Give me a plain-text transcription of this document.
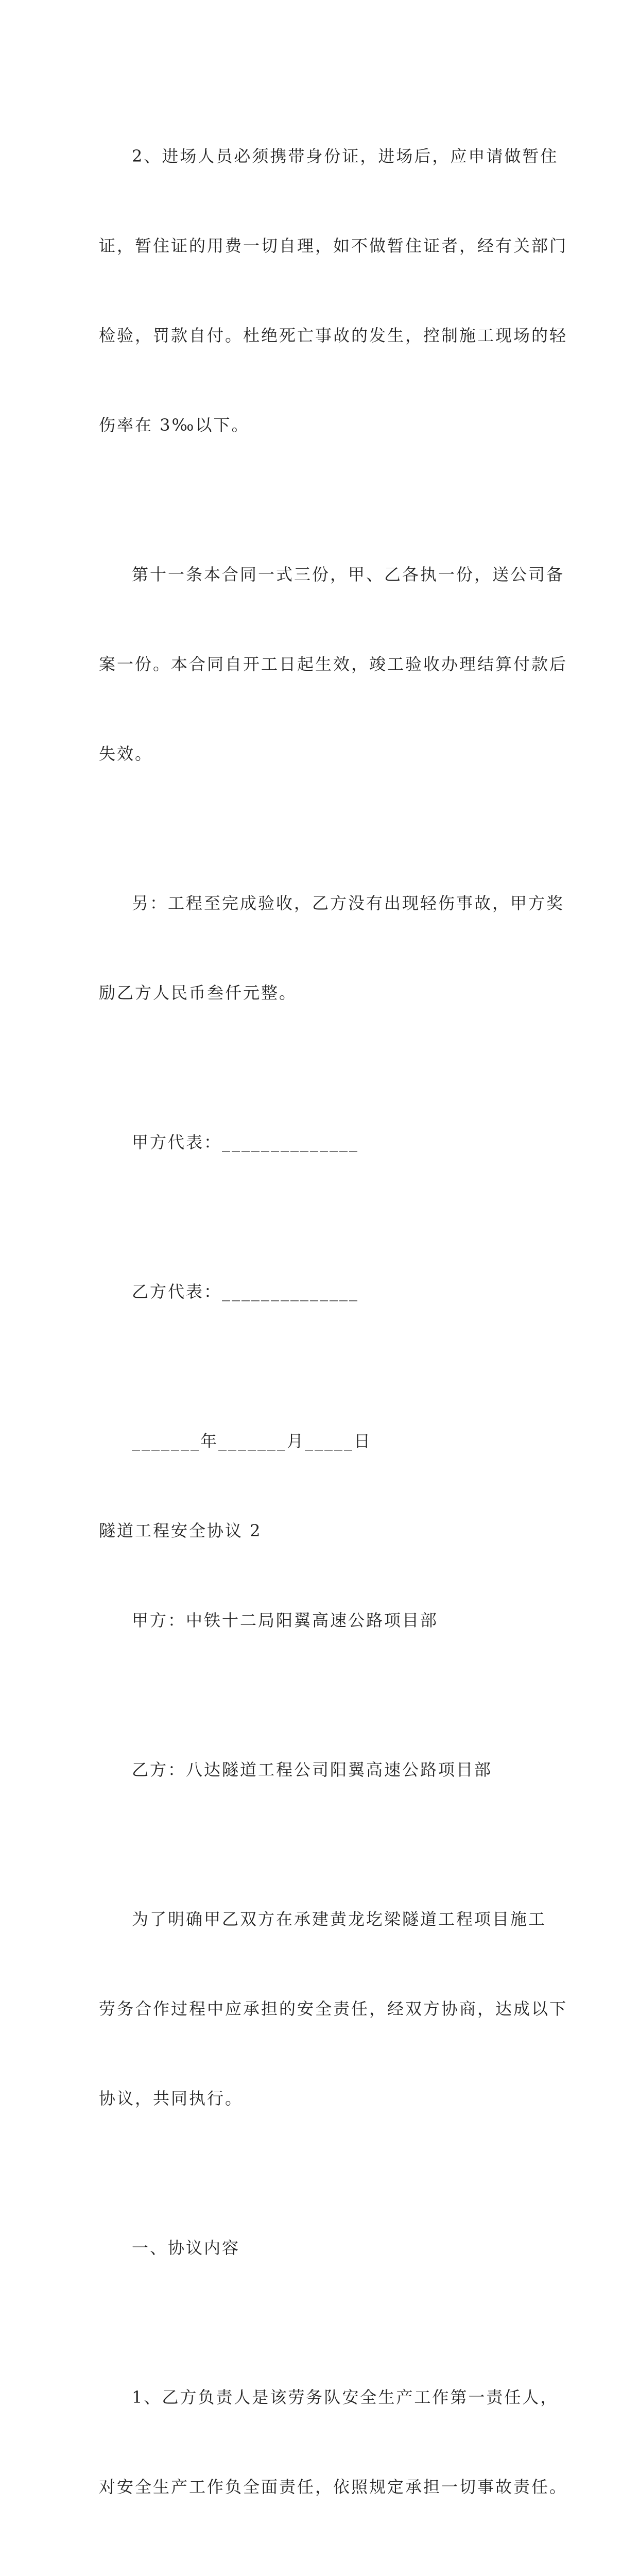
2、进场人员必须携带身份证，进场后，应申请做暂住

证，暂住证的用费一切自理，如不做暂住证者，经有关部门

检验，罚款自付。杜绝死亡事故的发生，控制施工现场的轻

伤率在 3‰以下。

第十一条本合同一式三份，甲、乙各执一份，送公司备

案一份。本合同自开工日起生效，竣工验收办理结算付款后

失效。

另：工程至完成验收，乙方没有出现轻伤事故，甲方奖

励乙方人民币叁仟元整。

甲方代表：______________

乙方代表：______________

_______年_______月_____日

隧道工程安全协议 2

甲方：中铁十二局阳翼高速公路项目部

乙方：八达隧道工程公司阳翼高速公路项目部

为了明确甲乙双方在承建黄龙圪梁隧道工程项目施工

劳务合作过程中应承担的安全责任，经双方协商，达成以下

协议，共同执行。

一、协议内容

1、乙方负责人是该劳务队安全生产工作第一责任人，

对安全生产工作负全面责任，依照规定承担一切事故责任。
